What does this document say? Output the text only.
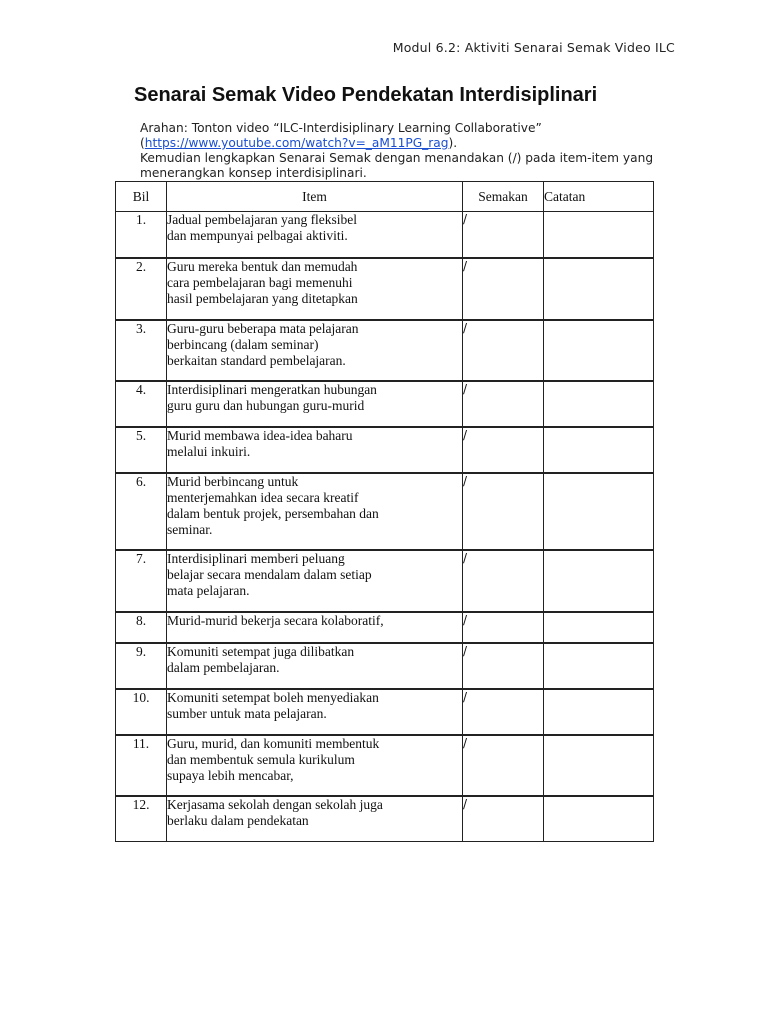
Modul 6.2: Aktiviti Senarai Semak Video ILC
Senarai Semak Video Pendekatan Interdisiplinari
Arahan: Tonton video “ILC-Interdisiplinary Learning Collaborative”
(https://www.youtube.com/watch?v=_aM11PG_rag).
Kemudian lengkapkan Senarai Semak dengan menandakan (/) pada item-item yang
menerangkan konsep interdisiplinari.
Bil	Item	Semakan	Catatan
1.	Jadual pembelajaran yang fleksibel
dan mempunyai pelbagai aktiviti.	/	
2.	Guru mereka bentuk dan memudah
cara pembelajaran bagi memenuhi
hasil pembelajaran yang ditetapkan	/	
3.	Guru-guru beberapa mata pelajaran
berbincang (dalam seminar)
berkaitan standard pembelajaran.	/	
4.	Interdisiplinari mengeratkan hubungan
guru guru dan hubungan guru-murid	/	
5.	Murid membawa idea-idea baharu
melalui inkuiri.	/	
6.	Murid berbincang untuk
menterjemahkan idea secara kreatif
dalam bentuk projek, persembahan dan
seminar.	/	
7.	Interdisiplinari memberi peluang
belajar secara mendalam dalam setiap
mata pelajaran.	/	
8.	Murid-murid bekerja secara kolaboratif,	/	
9.	Komuniti setempat juga dilibatkan
dalam pembelajaran.	/	
10.	Komuniti setempat boleh menyediakan
sumber untuk mata pelajaran.	/	
11.	Guru, murid, dan komuniti membentuk
dan membentuk semula kurikulum
supaya lebih mencabar,	/	
12.	Kerjasama sekolah dengan sekolah juga
berlaku dalam pendekatan	/	
